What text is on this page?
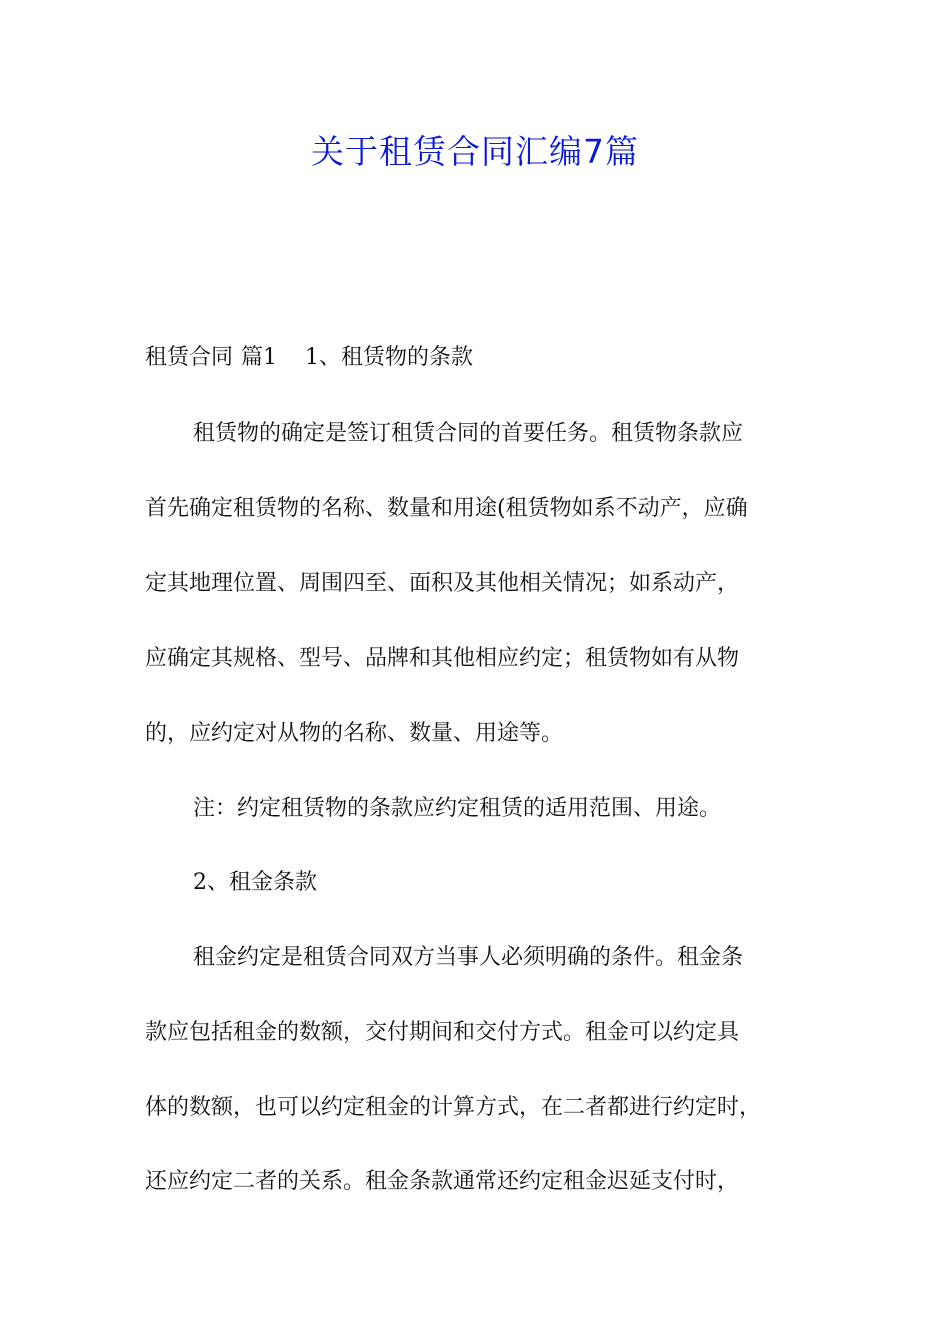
关于租赁合同汇编7篇

租赁合同 篇1 1、租赁物的条款

租赁物的确定是签订租赁合同的首要任务。租赁物条款应

首先确定租赁物的名称、数量和用途(租赁物如系不动产，应确

定其地理位置、周围四至、面积及其他相关情况；如系动产，

应确定其规格、型号、品牌和其他相应约定；租赁物如有从物

的，应约定对从物的名称、数量、用途等。

注：约定租赁物的条款应约定租赁的适用范围、用途。

2、租金条款

租金约定是租赁合同双方当事人必须明确的条件。租金条

款应包括租金的数额，交付期间和交付方式。租金可以约定具

体的数额，也可以约定租金的计算方式，在二者都进行约定时，

还应约定二者的关系。租金条款通常还约定租金迟延支付时，
